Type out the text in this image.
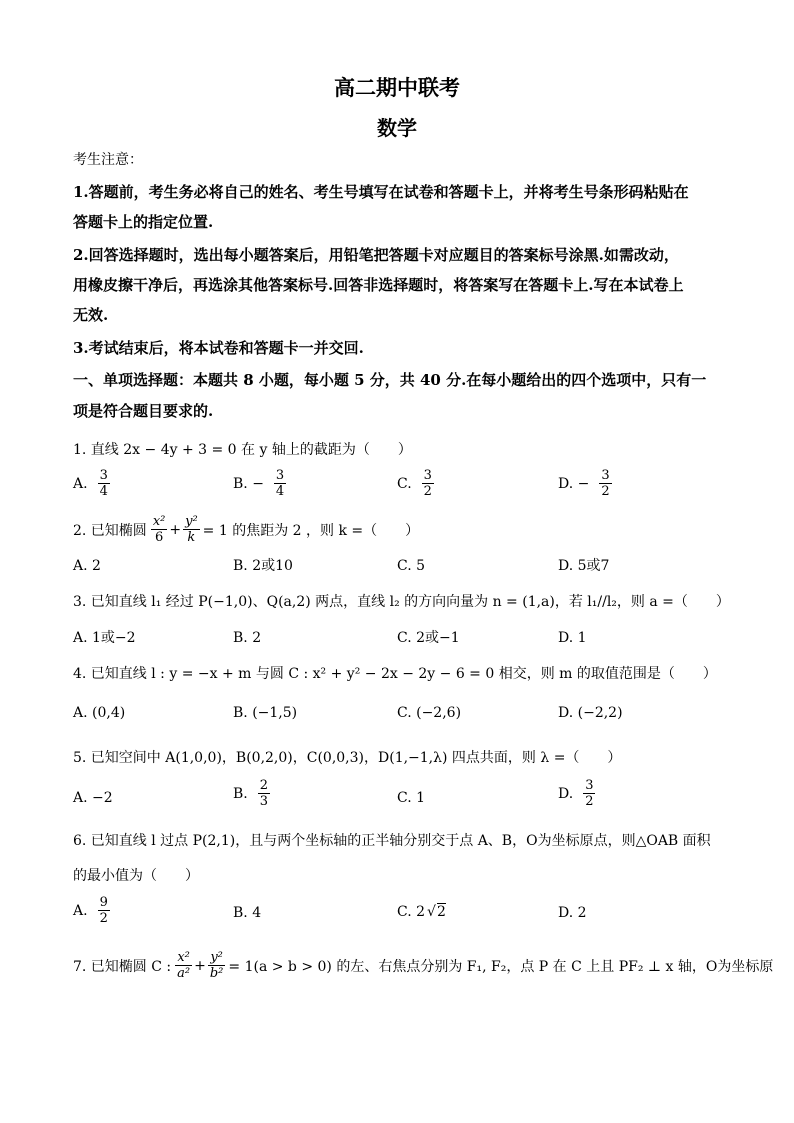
高二期中联考
数学
考生注意：
1.答题前，考生务必将自己的姓名、考生号填写在试卷和答题卡上，并将考生号条形码粘贴在
答题卡上的指定位置.
2.回答选择题时，选出每小题答案后，用铅笔把答题卡对应题目的答案标号涂黑.如需改动，
用橡皮擦干净后，再选涂其他答案标号.回答非选择题时，将答案写在答题卡上.写在本试卷上
无效.
3.考试结束后，将本试卷和答题卡一并交回.
一、单项选择题：本题共 8 小题，每小题 5 分，共 40 分.在每小题给出的四个选项中，只有一
项是符合题目要求的.
1. 直线 2x − 4y + 3 = 0 在 y 轴上的截距为（　　）
A. $\frac{3}{4}$	B. − $\frac{3}{4}$	C. $\frac{3}{2}$	D. − $\frac{3}{2}$
2. 已知椭圆 $\frac{\text{x²}}{6} + \frac{\text{y²}}{k} = 1$ 的焦距为 2 ，则 k =（　　）
A. 2	B. 2或10	C. 5	D. 5或7
3. 已知直线 l₁ 经过 P(−1,0)、Q(a,2) 两点，直线 l₂ 的方向向量为 n = (1,a)，若 l₁//l₂，则 a =（　　）
A. 1或−2	B. 2	C. 2或−1	D. 1
4. 已知直线 l : y = −x + m 与圆 C : x² + y² − 2x − 2y − 6 = 0 相交，则 m 的取值范围是（　　）
A. (0,4)	B. (−1,5)	C. (−2,6)	D. (−2,2)
5. 已知空间中 A(1,0,0)，B(0,2,0)，C(0,0,3)，D(1,−1,λ) 四点共面，则 λ =（　　）
A. −2	B. $\frac{2}{3}$	C. 1	D. $\frac{3}{2}$
6. 已知直线 l 过点 P(2,1)，且与两个坐标轴的正半轴分别交于点 A、B，O为坐标原点，则△OAB 面积
的最小值为（　　）
A. $\frac{9}{2}$	B. 4	C. 2 √ 2	D. 2
7. 已知椭圆 C : $\frac{\text{x²}}{\text{a²}} + \frac{\text{y²}}{\text{b²}} = 1(a > b > 0)$ 的左、右焦点分别为 F₁, F₂，点 P 在 C 上且 PF₂ ⊥ x 轴，O为坐标原
